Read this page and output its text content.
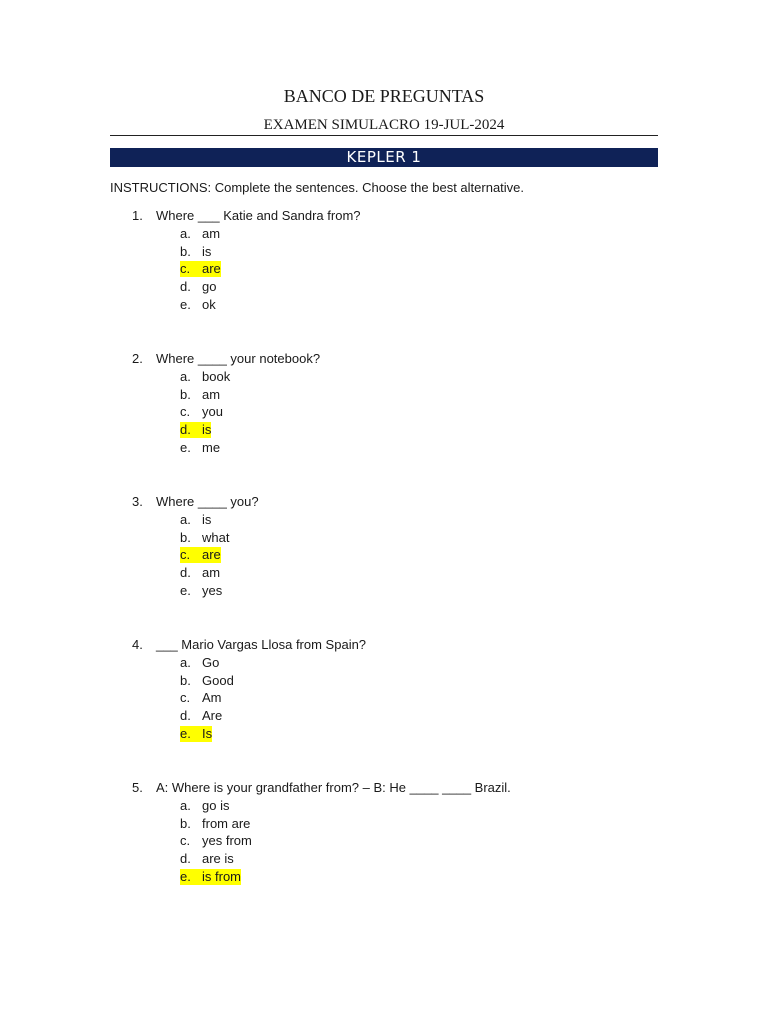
BANCO DE PREGUNTAS
EXAMEN SIMULACRO 19-JUL-2024
KEPLER 1
INSTRUCTIONS: Complete the sentences. Choose the best alternative.
1. Where ___ Katie and Sandra from?
a. am
b. is
c. are
d. go
e. ok
2. Where ____ your notebook?
a. book
b. am
c. you
d. is
e. me
3. Where ____ you?
a. is
b. what
c. are
d. am
e. yes
4. ___ Mario Vargas Llosa from Spain?
a. Go
b. Good
c. Am
d. Are
e. Is
5. A: Where is your grandfather from? – B: He ____ ____ Brazil.
a. go is
b. from are
c. yes from
d. are is
e. is from
